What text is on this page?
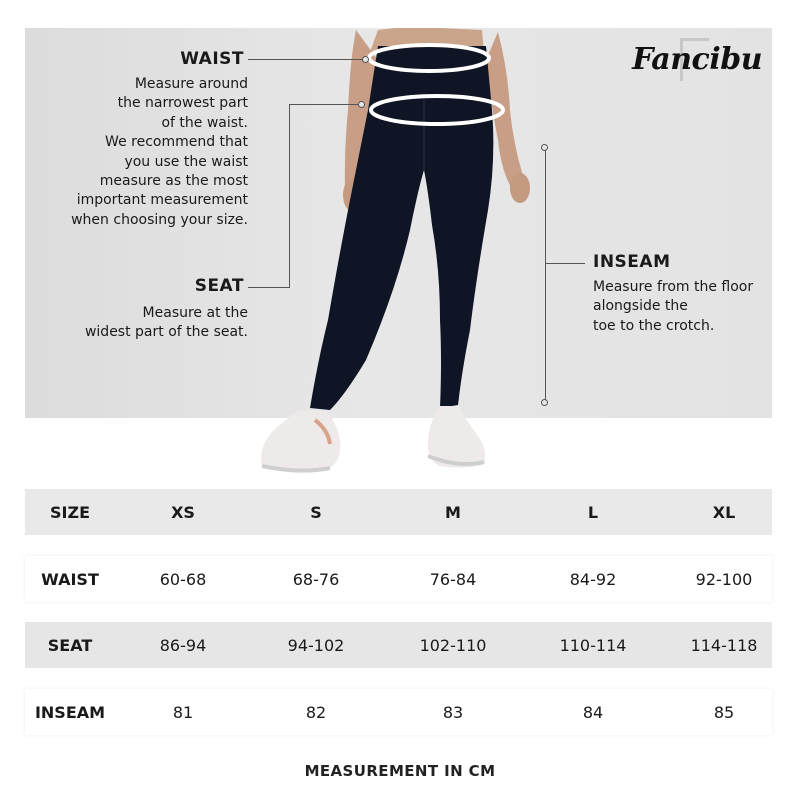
Fancibu
WAIST
Measure around
the narrowest part
of the waist.
We recommend that
you use the waist
measure as the most
important measurement
when choosing your size.
SEAT
Measure at the
widest part of the seat.
INSEAM
Measure from the floor
alongside the
toe to the crotch.
SIZE	XS	S	M	L	XL
WAIST	60-68	68-76	76-84	84-92	92-100
SEAT	86-94	94-102	102-110	110-114	114-118
INSEAM	81	82	83	84	85
MEASUREMENT IN CM
